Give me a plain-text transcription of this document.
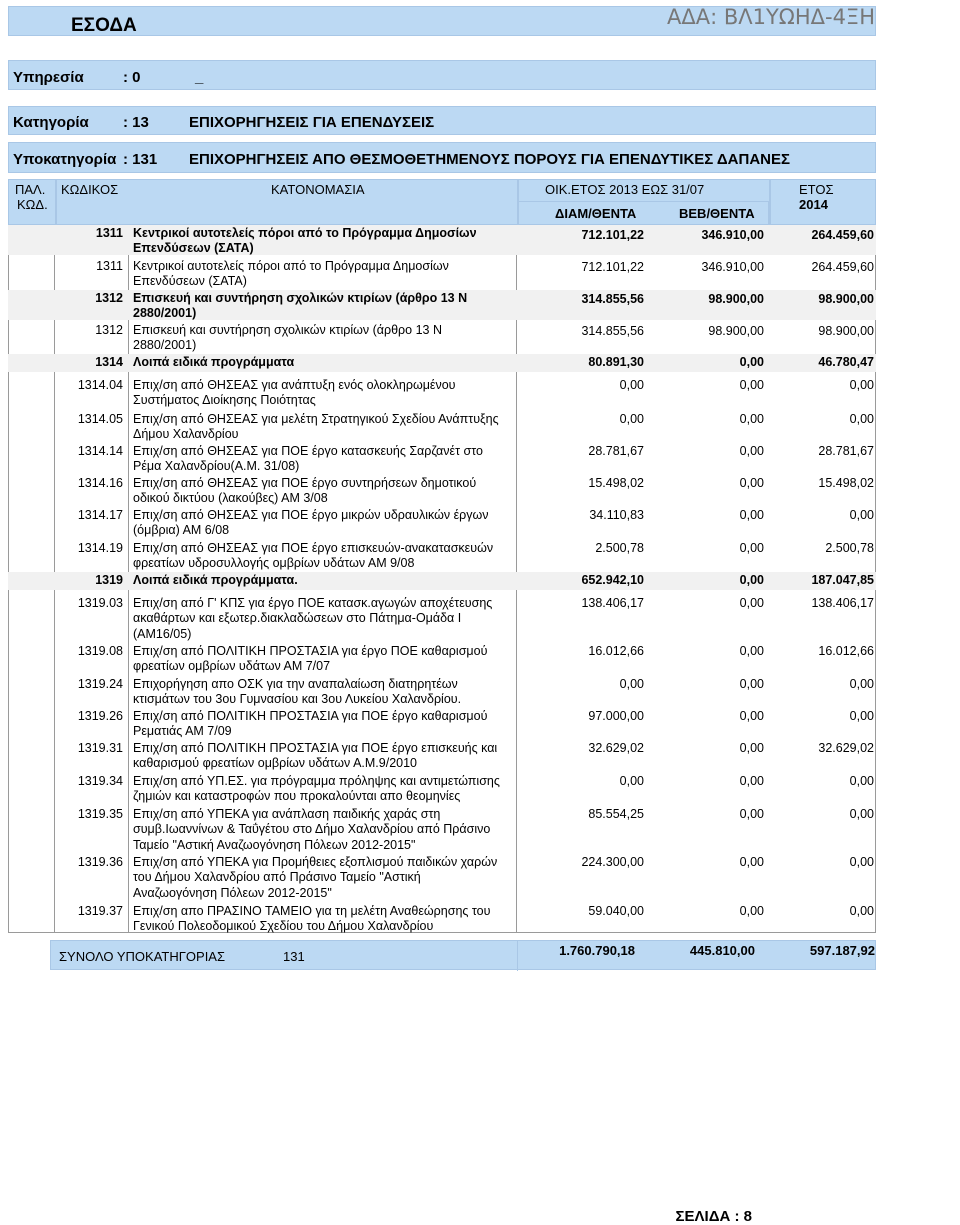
ΕΣΟΔΑ	ΑΔΑ: ΒΛ1ΥΩΗΔ-4ΞΗ
Υπηρεσία	: 0	_
Κατηγορία : 13	ΕΠΙΧΟΡΗΓΗΣΕΙΣ ΓΙΑ ΕΠΕΝΔΥΣΕΙΣ
Υποκατηγορία : 131 ΕΠΙΧΟΡΗΓΗΣΕΙΣ ΑΠΟ ΘΕΣΜΟΘΕΤΗΜΕΝΟΥΣ ΠΟΡΟΥΣ ΓΙΑ ΕΠΕΝΔΥΤΙΚΕΣ ΔΑΠΑΝΕΣ
ΠΑΛ.
ΚΩΔ.
ΚΩΔΙΚΟΣ	ΚΑΤΟΝΟΜΑΣΙΑ	ΟΙΚ.ΕΤΟΣ 2013 ΕΩΣ 31/07
ΔΙΑΜ/ΘΕΝΤΑ	ΒΕΒ/ΘΕΝΤΑ
ΕΤΟΣ
2014
1311 Κεντρικοί αυτοτελείς πόροι από το Πρόγραμμα Δημοσίων
Επενδύσεων (ΣΑΤΑ)
712.101,22	346.910,00	264.459,60
1311 Κεντρικοί αυτοτελείς πόροι από το Πρόγραμμα Δημοσίων
Επενδύσεων (ΣΑΤΑ)
712.101,22	346.910,00	264.459,60
1312 Επισκευή και συντήρηση σχολικών κτιρίων (άρθρο 13 Ν
2880/2001)
314.855,56	98.900,00	98.900,00
1312 Επισκευή και συντήρηση σχολικών κτιρίων (άρθρο 13 Ν
2880/2001)
314.855,56	98.900,00	98.900,00
1314 Λοιπά ειδικά προγράμματα	80.891,30	0,00	46.780,47
1314.04 Επιχ/ση από ΘΗΣΕΑΣ για ανάπτυξη ενός ολοκληρωμένου
Συστήματος Διοίκησης Ποιότητας
0,00	0,00	0,00
1314.05 Επιχ/ση από ΘΗΣΕΑΣ για μελέτη Στρατηγικού Σχεδίου Ανάπτυξης
Δήμου Χαλανδρίου
0,00	0,00	0,00
1314.14 Επιχ/ση από ΘΗΣΕΑΣ για ΠΟΕ έργο κατασκευής Σαρζανέτ στο
Ρέμα Χαλανδρίου(Α.Μ. 31/08)
28.781,67	0,00	28.781,67
1314.16 Επιχ/ση από ΘΗΣΕΑΣ για ΠΟΕ έργο συντηρήσεων δημοτικού
οδικού δικτύου (λακούβες) ΑΜ 3/08
15.498,02	0,00	15.498,02
1314.17 Επιχ/ση από ΘΗΣΕΑΣ για ΠΟΕ έργο μικρών υδραυλικών έργων
(όμβρια) ΑΜ 6/08
34.110,83	0,00	0,00
1314.19 Επιχ/ση από ΘΗΣΕΑΣ για ΠΟΕ έργο επισκευών-ανακατασκευών
φρεατίων υδροσυλλογής ομβρίων υδάτων ΑΜ 9/08
2.500,78	0,00	2.500,78
1319 Λοιπά ειδικά προγράμματα.	652.942,10	0,00	187.047,85
1319.03 Επιχ/ση από Γ' ΚΠΣ για έργο ΠΟΕ κατασκ.αγωγών αποχέτευσης
ακαθάρτων και εξωτερ.διακλαδώσεων στο Πάτημα-Ομάδα Ι
(ΑΜ16/05)
138.406,17	0,00	138.406,17
1319.08 Επιχ/ση από ΠΟΛΙΤΙΚΗ ΠΡΟΣΤΑΣΙΑ για έργο ΠΟΕ καθαρισμού
φρεατίων ομβρίων υδάτων ΑΜ 7/07
16.012,66	0,00	16.012,66
1319.24 Επιχορήγηση απο ΟΣΚ για την αναπαλαίωση διατηρητέων
κτισμάτων του 3ου Γυμνασίου και 3ου Λυκείου Χαλανδρίου.
0,00	0,00	0,00
1319.26 Επιχ/ση από ΠΟΛΙΤΙΚΗ ΠΡΟΣΤΑΣΙΑ για ΠΟΕ έργο καθαρισμού
Ρεματιάς ΑΜ 7/09
97.000,00	0,00	0,00
1319.31 Επιχ/ση από ΠΟΛΙΤΙΚΗ ΠΡΟΣΤΑΣΙΑ για ΠΟΕ έργο επισκευής και
καθαρισμού φρεατίων ομβρίων υδάτων Α.Μ.9/2010
32.629,02	0,00	32.629,02
1319.34 Επιχ/ση από ΥΠ.ΕΣ. για πρόγραμμα πρόληψης και αντιμετώπισης
ζημιών και καταστροφών που προκαλούνται απο θεομηνίες
0,00	0,00	0,00
1319.35 Επιχ/ση από ΥΠΕΚΑ για ανάπλαση παιδικής χαράς στη
συμβ.Ιωαννίνων & Ταΰγέτου στο Δήμο Χαλανδρίου από Πράσινο
Ταμείο "Αστική Αναζωογόνηση Πόλεων 2012-2015"
85.554,25	0,00	0,00
1319.36 Επιχ/ση από ΥΠΕΚΑ για Προμήθειες εξοπλισμού παιδικών χαρών
του Δήμου Χαλανδρίου από Πράσινο Ταμείο "Αστική
Αναζωογόνηση Πόλεων 2012-2015"
224.300,00	0,00	0,00
1319.37 Επιχ/ση απο ΠΡΑΣΙΝΟ ΤΑΜΕΙΟ για τη μελέτη Αναθεώρησης του
Γενικού Πολεοδομικού Σχεδίου του Δήμου Χαλανδρίου
59.040,00	0,00	0,00
ΣΥΝΟΛΟ ΥΠΟΚΑΤΗΓΟΡΙΑΣ	131	1.760.790,18	445.810,00	597.187,92
ΣΕΛΙΔΑ : 8
